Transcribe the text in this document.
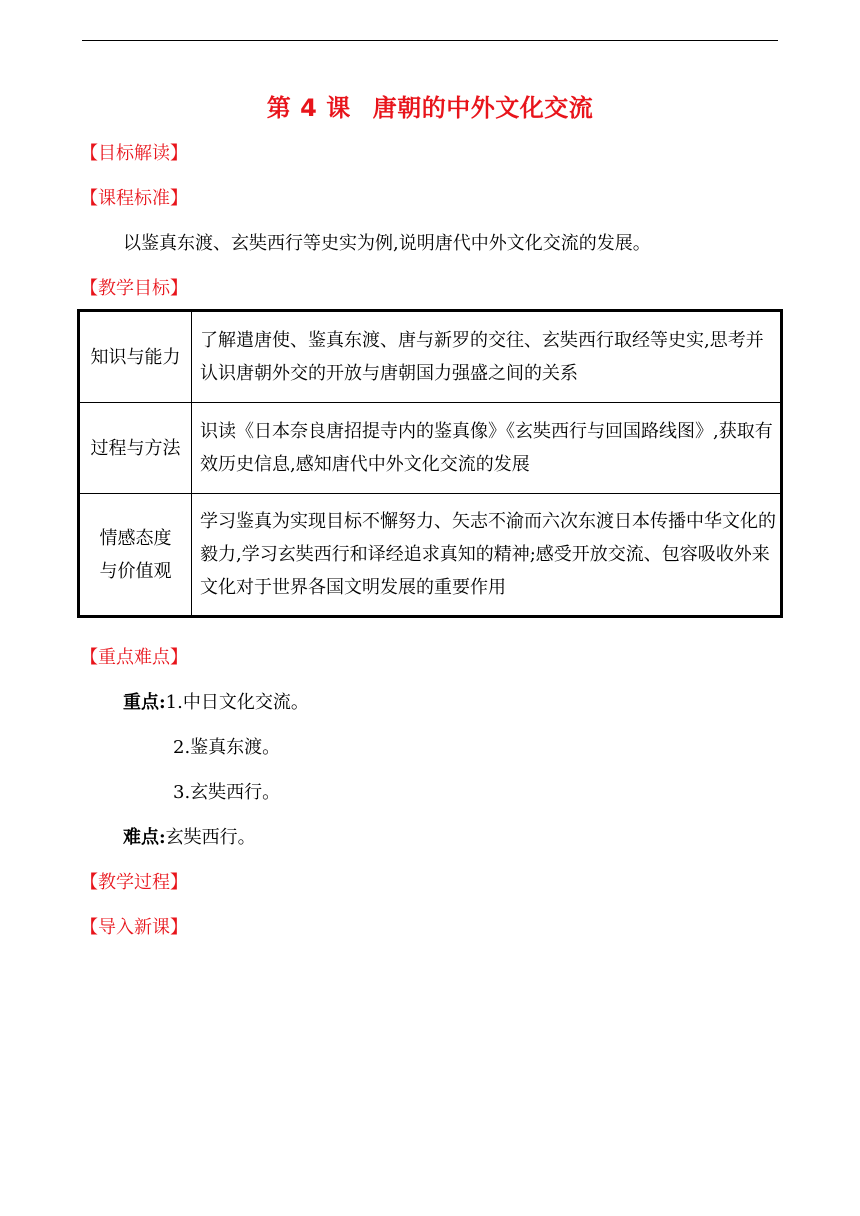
第 4 课 唐朝的中外文化交流
【目标解读】
【课程标准】
以鉴真东渡、玄奘西行等史实为例,说明唐代中外文化交流的发展。
【教学目标】
知识与能力	了解遣唐使、鉴真东渡、唐与新罗的交往、玄奘西行取经等史实,思考并认识唐朝外交的开放与唐朝国力强盛之间的关系
过程与方法	识读《日本奈良唐招提寺内的鉴真像》《玄奘西行与回国路线图》,获取有效历史信息,感知唐代中外文化交流的发展
情感态度
与价值观	学习鉴真为实现目标不懈努力、矢志不渝而六次东渡日本传播中华文化的毅力,学习玄奘西行和译经追求真知的精神;感受开放交流、包容吸收外来文化对于世界各国文明发展的重要作用
【重点难点】
重点:1.中日文化交流。
2.鉴真东渡。
3.玄奘西行。
难点:玄奘西行。
【教学过程】
【导入新课】
